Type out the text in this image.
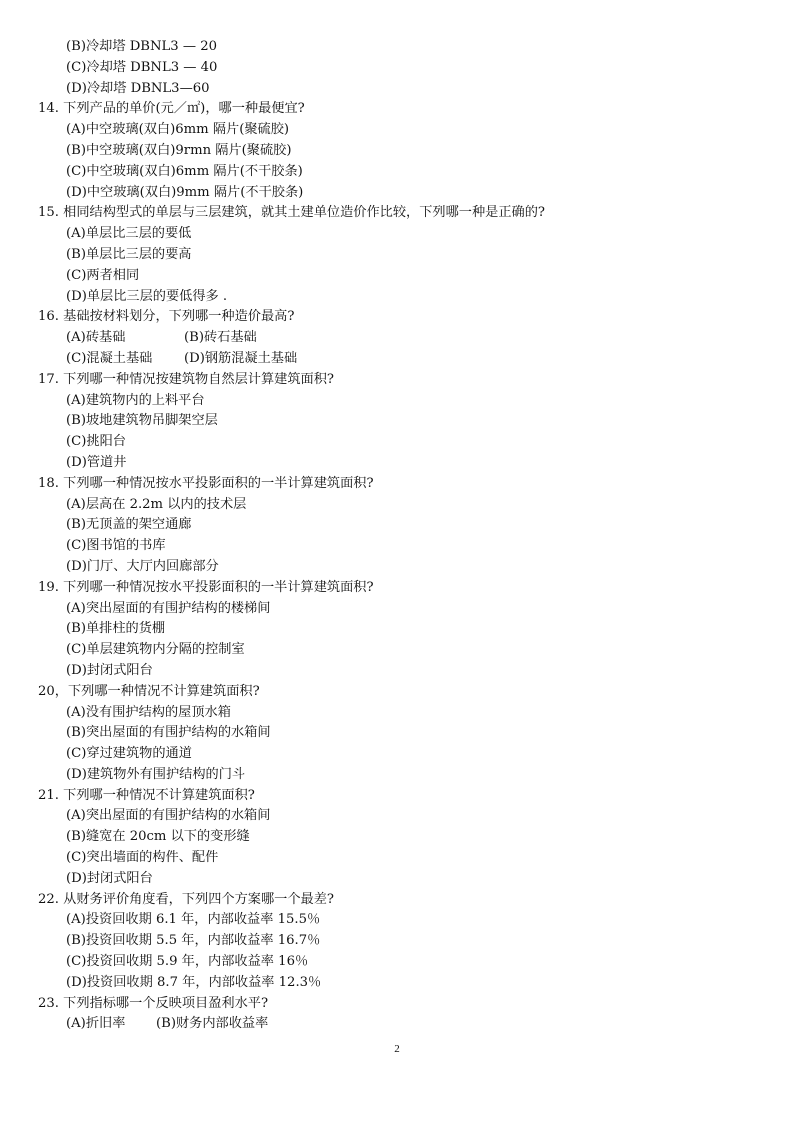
(B)冷却塔 DBNL3 — 20
(C)冷却塔 DBNL3 — 40
(D)冷却塔 DBNL3—60
14. 下列产品的单价(元／㎡)，哪一种最便宜?
(A)中空玻璃(双白)6mm 隔片(聚硫胶)
(B)中空玻璃(双白)9rmn 隔片(聚硫胶)
(C)中空玻璃(双白)6mm 隔片(不干胶条)
(D)中空玻璃(双白)9mm 隔片(不干胶条)
15. 相同结构型式的单层与三层建筑，就其土建单位造价作比较，下列哪一种是正确的?
(A)单层比三层的要低
(B)单层比三层的要高
(C)两者相同
(D)单层比三层的要低得多 .
16. 基础按材料划分，下列哪一种造价最高?
(A)砖基础	(B)砖石基础
(C)混凝土基础	(D)钢筋混凝土基础
17. 下列哪一种情况按建筑物自然层计算建筑面积?
(A)建筑物内的上料平台
(B)坡地建筑物吊脚架空层
(C)挑阳台
(D)管道井
18. 下列哪一种情况按水平投影面积的一半计算建筑面积?
(A)层高在 2.2m 以内的技术层
(B)无顶盖的架空通廊
(C)图书馆的书库
(D)门厅、大厅内回廊部分
19. 下列哪一种情况按水平投影面积的一半计算建筑面积?
(A)突出屋面的有围护结构的楼梯间
(B)单排柱的货棚
(C)单层建筑物内分隔的控制室
(D)封闭式阳台
20，下列哪一种情况不计算建筑面积?
(A)没有围护结构的屋顶水箱
(B)突出屋面的有围护结构的水箱间
(C)穿过建筑物的通道
(D)建筑物外有围护结构的门斗
21. 下列哪一种情况不计算建筑面积?
(A)突出屋面的有围护结构的水箱间
(B)缝宽在 20cm 以下的变形缝
(C)突出墙面的构件、配件
(D)封闭式阳台
22. 从财务评价角度看，下列四个方案哪一个最差?
(A)投资回收期 6.1 年，内部收益率 15.5％
(B)投资回收期 5.5 年，内部收益率 16.7％
(C)投资回收期 5.9 年，内部收益率 16％
(D)投资回收期 8.7 年，内部收益率 12.3％
23. 下列指标哪一个反映项目盈利水平?
(A)折旧率	(B)财务内部收益率
2
